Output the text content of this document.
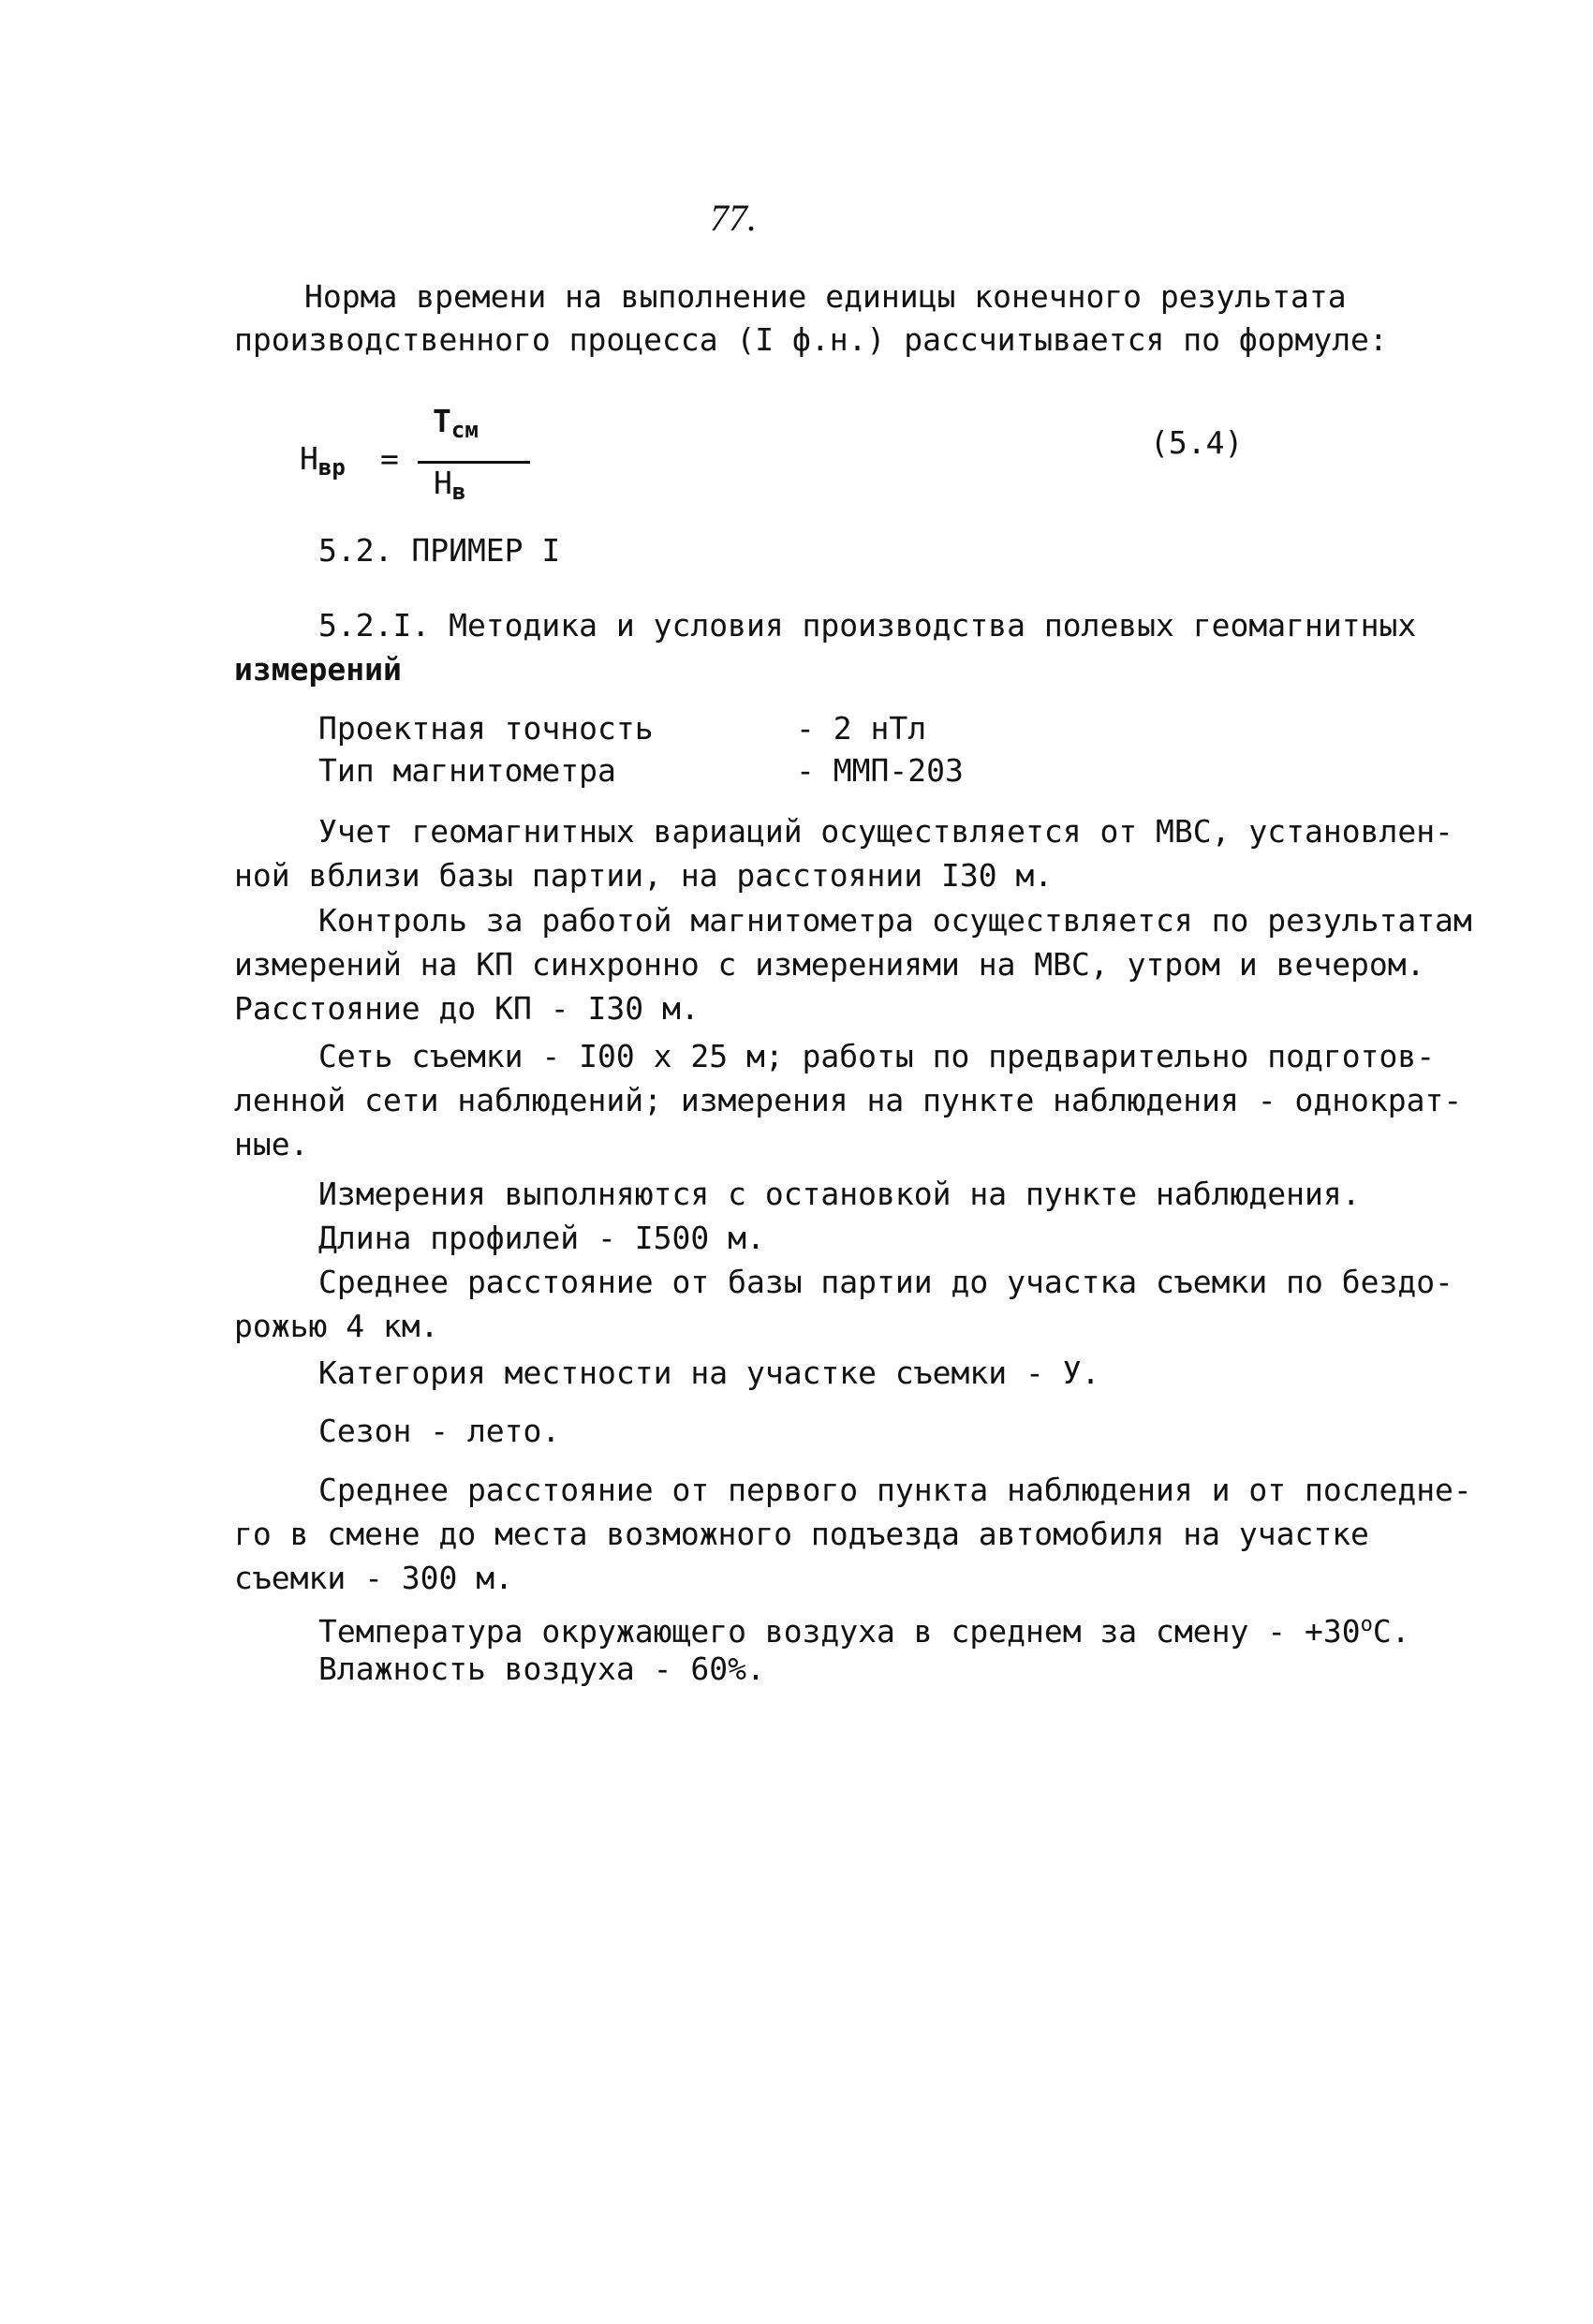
77.
Норма времени на выполнение единицы конечного результата
производственного процесса (I ф.н.) рассчитывается по формуле:
$Н_{вр}$ =
$Т_{см}$
$Н_в$
(5.4)
5.2. ПРИМЕР I
5.2.I. Методика и условия производства полевых геомагнитных
измерений
Проектная точность	- 2 нТл
Тип магнитометра	- ММП-203
Учет геомагнитных вариаций осуществляется от МВС, установлен-
ной вблизи базы партии, на расстоянии I30 м.
Контроль за работой магнитометра осуществляется по результатам
измерений на КП синхронно с измерениями на МВС, утром и вечером.
Расстояние до КП - I30 м.
Сеть съемки - I00 х 25 м; работы по предварительно подготов-
ленной сети наблюдений; измерения на пункте наблюдения - однократ-
ные.
Измерения выполняются с остановкой на пункте наблюдения.
Длина профилей - I500 м.
Среднее расстояние от базы партии до участка съемки по бездо-
рожью 4 км.
Категория местности на участке съемки - У.
Сезон - лето.
Среднее расстояние от первого пункта наблюдения и от последне-
го в смене до места возможного подъезда автомобиля на участке
съемки - 300 м.
Температура окружающего воздуха в среднем за смену - $+30^оС$.
Влажность воздуха - 60%.
